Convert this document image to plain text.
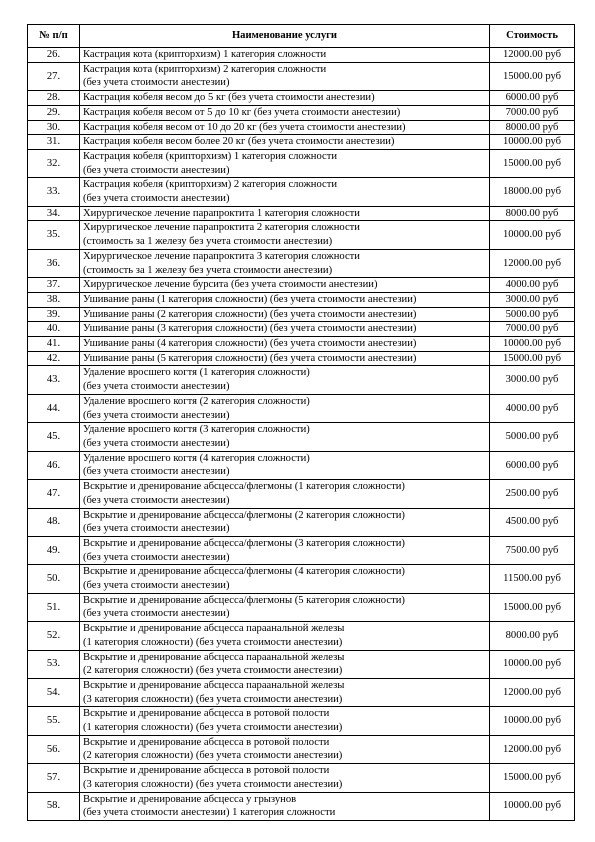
№ п/п	Наименование услуги	Стоимость
26.	Кастрация кота (крипторхизм) 1 категория сложности	12000.00 руб
27.	Кастрация кота (крипторхизм) 2 категория сложности
(без учета стоимости анестезии)	15000.00 руб
28.	Кастрация кобеля весом до 5 кг (без учета стоимости анестезии)	6000.00 руб
29.	Кастрация кобеля весом от 5 до 10 кг (без учета стоимости анестезии)	7000.00 руб
30.	Кастрация кобеля весом от 10 до 20 кг (без учета стоимости анестезии)	8000.00 руб
31.	Кастрация кобеля весом более 20 кг (без учета стоимости анестезии)	10000.00 руб
32.	Кастрация кобеля (крипторхизм) 1 категория сложности
(без учета стоимости анестезии)	15000.00 руб
33.	Кастрация кобеля (крипторхизм) 2 категория сложности
(без учета стоимости анестезии)	18000.00 руб
34.	Хирургическое лечение парапроктита 1 категория сложности	8000.00 руб
35.	Хирургическое лечение парапроктита 2 категория сложности
(стоимость за 1 железу без учета стоимости анестезии)	10000.00 руб
36.	Хирургическое лечение парапроктита 3 категория сложности
(стоимость за 1 железу без учета стоимости анестезии)	12000.00 руб
37.	Хирургическое лечение бурсита (без учета стоимости анестезии)	4000.00 руб
38.	Ушивание раны (1 категория сложности) (без учета стоимости анестезии)	3000.00 руб
39.	Ушивание раны (2 категория сложности) (без учета стоимости анестезии)	5000.00 руб
40.	Ушивание раны (3 категория сложности) (без учета стоимости анестезии)	7000.00 руб
41.	Ушивание раны (4 категория сложности) (без учета стоимости анестезии)	10000.00 руб
42.	Ушивание раны (5 категория сложности) (без учета стоимости анестезии)	15000.00 руб
43.	Удаление вросшего когтя (1 категория сложности)
(без учета стоимости анестезии)	3000.00 руб
44.	Удаление вросшего когтя (2 категория сложности)
(без учета стоимости анестезии)	4000.00 руб
45.	Удаление вросшего когтя (3 категория сложности)
(без учета стоимости анестезии)	5000.00 руб
46.	Удаление вросшего когтя (4 категория сложности)
(без учета стоимости анестезии)	6000.00 руб
47.	Вскрытие и дренирование абсцесса/флегмоны (1 категория сложности)
(без учета стоимости анестезии)	2500.00 руб
48.	Вскрытие и дренирование абсцесса/флегмоны (2 категория сложности)
(без учета стоимости анестезии)	4500.00 руб
49.	Вскрытие и дренирование абсцесса/флегмоны (3 категория сложности)
(без учета стоимости анестезии)	7500.00 руб
50.	Вскрытие и дренирование абсцесса/флегмоны (4 категория сложности)
(без учета стоимости анестезии)	11500.00 руб
51.	Вскрытие и дренирование абсцесса/флегмоны (5 категория сложности)
(без учета стоимости анестезии)	15000.00 руб
52.	Вскрытие и дренирование абсцесса параанальной железы
(1 категория сложности) (без учета стоимости анестезии)	8000.00 руб
53.	Вскрытие и дренирование абсцесса параанальной железы
(2 категория сложности) (без учета стоимости анестезии)	10000.00 руб
54.	Вскрытие и дренирование абсцесса параанальной железы
(3 категория сложности) (без учета стоимости анестезии)	12000.00 руб
55.	Вскрытие и дренирование абсцесса в ротовой полости
(1 категория сложности) (без учета стоимости анестезии)	10000.00 руб
56.	Вскрытие и дренирование абсцесса в ротовой полости
(2 категория сложности) (без учета стоимости анестезии)	12000.00 руб
57.	Вскрытие и дренирование абсцесса в ротовой полости
(3 категория сложности) (без учета стоимости анестезии)	15000.00 руб
58.	Вскрытие и дренирование абсцесса у грызунов
(без учета стоимости анестезии) 1 категория сложности	10000.00 руб
